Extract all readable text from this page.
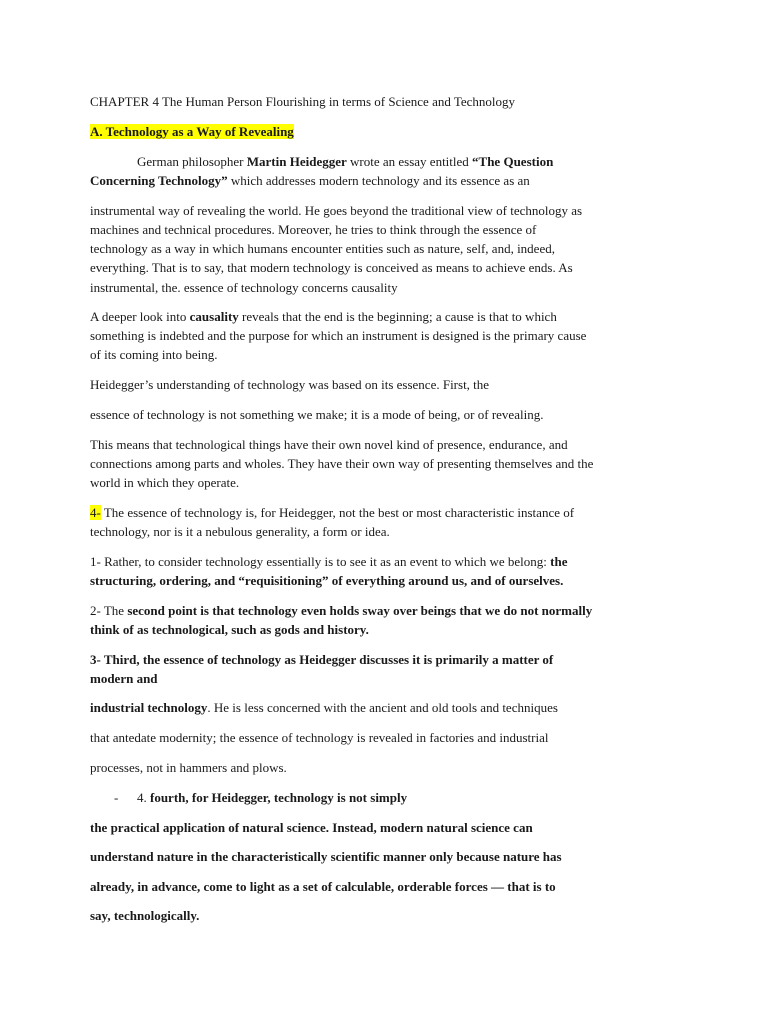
CHAPTER 4 The Human Person Flourishing in terms of Science and Technology
A. Technology as a Way of Revealing
German philosopher Martin Heidegger wrote an essay entitled “The Question
Concerning Technology” which addresses modern technology and its essence as an
instrumental way of revealing the world. He goes beyond the traditional view of technology as
machines and technical procedures. Moreover, he tries to think through the essence of
technology as a way in which humans encounter entities such as nature, self, and, indeed,
everything. That is to say, that modern technology is conceived as means to achieve ends. As
instrumental, the. essence of technology concerns causality
A deeper look into causality reveals that the end is the beginning; a cause is that to which
something is indebted and the purpose for which an instrument is designed is the primary cause
of its coming into being.
Heidegger’s understanding of technology was based on its essence. First, the
essence of technology is not something we make; it is a mode of being, or of revealing.
This means that technological things have their own novel kind of presence, endurance, and
connections among parts and wholes. They have their own way of presenting themselves and the
world in which they operate.
4- The essence of technology is, for Heidegger, not the best or most characteristic instance of
technology, nor is it a nebulous generality, a form or idea.
1- Rather, to consider technology essentially is to see it as an event to which we belong: the
structuring, ordering, and “requisitioning” of everything around us, and of ourselves.
2- The second point is that technology even holds sway over beings that we do not normally
think of as technological, such as gods and history.
3- Third, the essence of technology as Heidegger discusses it is primarily a matter of
modern and
industrial technology. He is less concerned with the ancient and old tools and techniques
that antedate modernity; the essence of technology is revealed in factories and industrial
processes, not in hammers and plows.
- 4. fourth, for Heidegger, technology is not simply
the practical application of natural science. Instead, modern natural science can
understand nature in the characteristically scientific manner only because nature has
already, in advance, come to light as a set of calculable, orderable forces — that is to
say, technologically.
